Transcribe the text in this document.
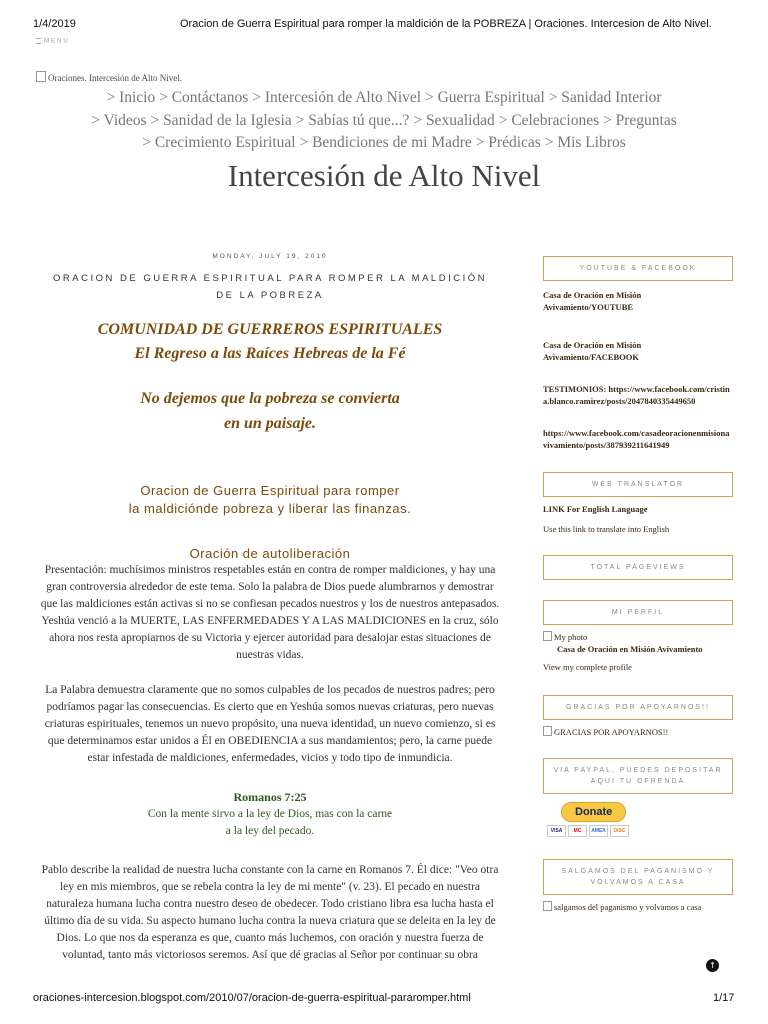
1/4/2019	Oracion de Guerra Espiritual para romper la maldición de la POBREZA | Oraciones. Intercesion de Alto Nivel.
MENU
Oraciones. Intercesión de Alto Nivel.
> Inicio > Contáctanos > Intercesión de Alto Nivel > Guerra Espiritual > Sanidad Interior
> Videos > Sanidad de la Iglesia > Sabías tú que...? > Sexualidad > Celebraciones > Preguntas
> Crecimiento Espiritual > Bendiciones de mi Madre > Prédicas > Mis Libros
Intercesión de Alto Nivel
MONDAY, JULY 19, 2010
ORACION DE GUERRA ESPIRITUAL PARA ROMPER LA MALDICIÓN DE LA POBREZA

COMUNIDAD DE GUERREROS ESPIRITUALES

El Regreso a las Raíces Hebreas de la Fé

No dejemos que la pobreza se convierta
en un paisaje.

Oracion de Guerra Espiritual para romper
la maldiciónde pobreza y liberar las finanzas.

Oración de autoliberación

Presentación: muchísimos ministros respetables están en contra de romper maldiciones, y hay una gran controversia alrededor de este tema. Solo la palabra de Dios puede alumbrarnos y demostrar que las maldiciones están activas si no se confiesan pecados nuestros y los de nuestros antepasados. Yeshúa venció a la MUERTE, LAS ENFERMEDADES Y A LAS MALDICIONES en la cruz, sólo ahora nos resta apropiarnos de su Victoria y ejercer autoridad para desalojar estas situaciones de nuestras vidas.

La Palabra demuestra claramente que no somos culpables de los pecados de nuestros padres; pero podríamos pagar las consecuencias. Es cierto que en Yeshúa somos nuevas criaturas, pero nuevas criaturas espirituales, tenemos un nuevo propósito, una nueva identidad, un nuevo comienzo, si es que determinamos estar unidos a Él en OBEDIENCIA a sus mandamientos; pero, la carne puede estar infestada de maldiciones, enfermedades, vicios y todo tipo de inmundicia.

Romanos 7:25

Con la mente sirvo a la ley de Dios, mas con la carne
a la ley del pecado.

Pablo describe la realidad de nuestra lucha constante con la carne en Romanos 7. Él dice: "Veo otra ley en mis miembros, que se rebela contra la ley de mi mente" (v. 23). El pecado en nuestra naturaleza humana lucha contra nuestro deseo de obedecer. Todo cristiano libra esa lucha hasta el último día de su vida. Su aspecto humano lucha contra la nueva criatura que se deleita en la ley de Dios. Lo que nos da esperanza es que, cuanto más luchemos, con oración y nuestra fuerza de voluntad, tanto más victoriosos seremos. Así que dé gracias al Señor por continuar su obra

YOUTUBE & FACEBOOK

Casa de Oración en Misión Avivamiento/YOUTUBE

Casa de Oración en Misión Avivamiento/FACEBOOK

TESTIMONIOS: https://www.facebook.com/cristina.blanco.ramirez/posts/2047840335449650

https://www.facebook.com/casadeoracionenmisionavivamiento/posts/387939211641949

WEB TRANSLATOR

LINK For English Language

Use this link to translate into English

TOTAL PAGEVIEWS
MI PERFIL

My photo

Casa de Oración en Misión Avivamiento

View my complete profile

GRACIAS POR APOYARNOS!!

GRACIAS POR APOYARNOS!!

VIA PAYPAL, PUEDES DEPOSITAR AQUI TU OFRENDA
Donate
VISA	MC	AMEX	DISC
SALGAMOS DEL PAGANISMO Y VOLVAMOS A CASA

salgamos del paganismo y volvamos a casa

↑
oraciones-intercesion.blogspot.com/2010/07/oracion-de-guerra-espiritual-pararomper.html	1/17
